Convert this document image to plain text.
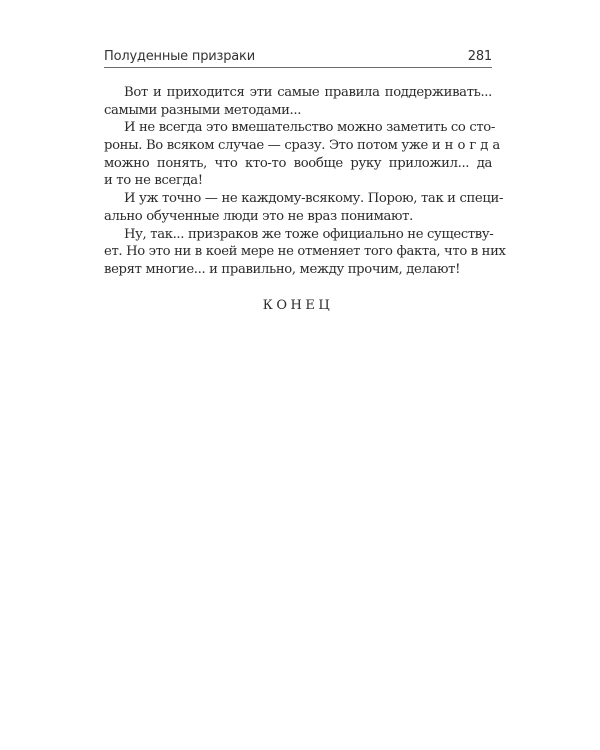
Полуденные призраки	281
Вот и приходится эти самые правила поддерживать...
самыми разными методами...
И не всегда это вмешательство можно заметить со сто-
роны. Во всяком случае — сразу. Это потом уже иногда
можно понять, что кто-то вообще руку приложил... да
и то не всегда!
И уж точно — не каждому-всякому. Порою, так и специ-
ально обученные люди это не враз понимают.
Ну, так... призраков же тоже официально не существу-
ет. Но это ни в коей мере не отменяет того факта, что в них
верят многие... и правильно, между прочим, делают!
КОНЕЦ
